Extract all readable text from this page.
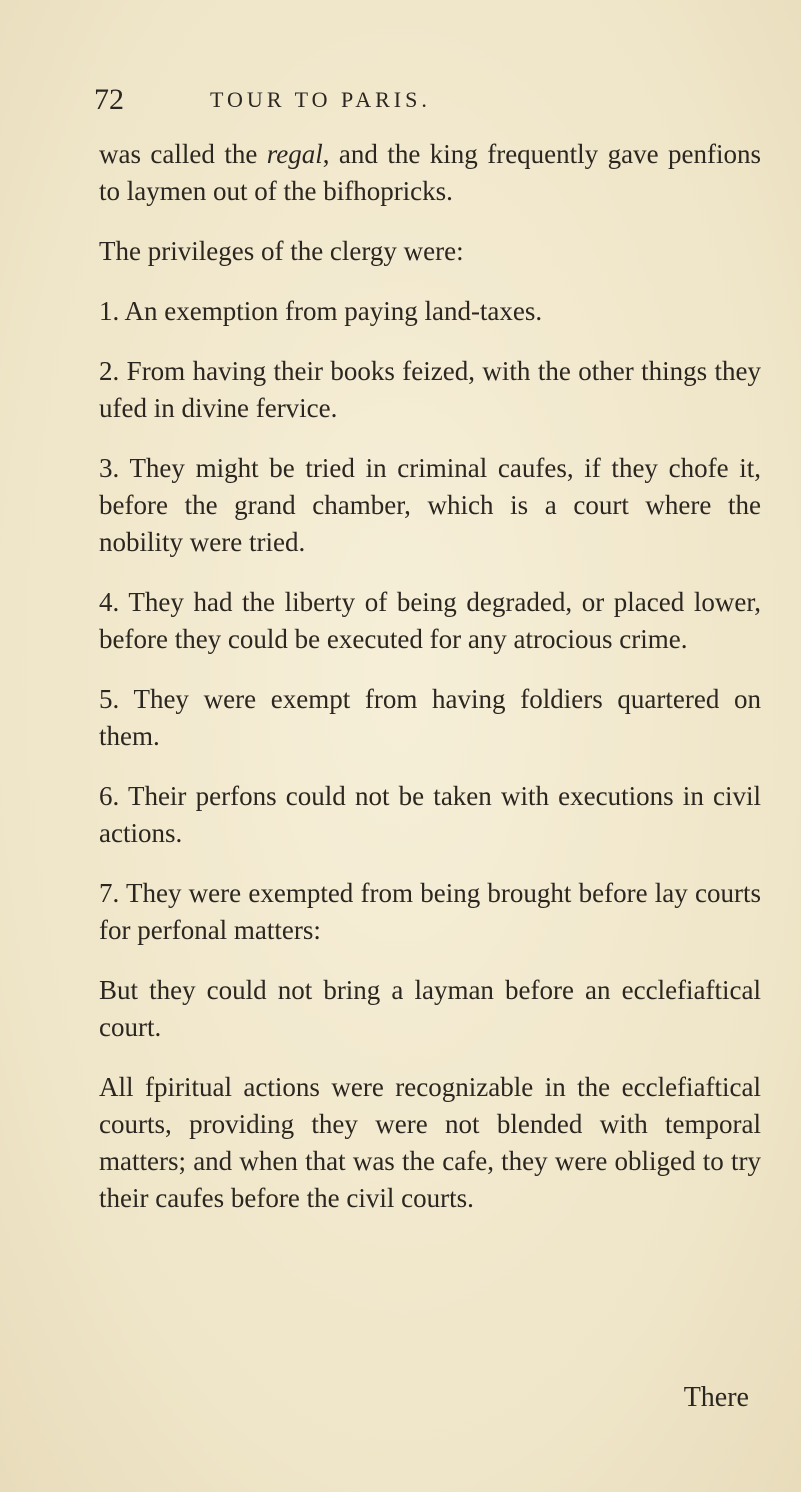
72	TOUR TO PARIS.

was called the regal, and the king frequently gave penfions to laymen out of the bifhopricks.

The privileges of the clergy were:

1. An exemption from paying land-taxes.

2. From having their books feized, with the other things they ufed in divine fervice.

3. They might be tried in criminal caufes, if they chofe it, before the grand chamber, which is a court where the nobility were tried.

4. They had the liberty of being degraded, or placed lower, before they could be executed for any atrocious crime.

5. They were exempt from having foldiers quartered on them.

6. Their perfons could not be taken with executions in civil actions.

7. They were exempted from being brought before lay courts for perfonal matters:

But they could not bring a layman before an ecclefiaftical court.

All fpiritual actions were recognizable in the ecclefiaftical courts, providing they were not blended with temporal matters; and when that was the cafe, they were obliged to try their caufes before the civil courts.

There
